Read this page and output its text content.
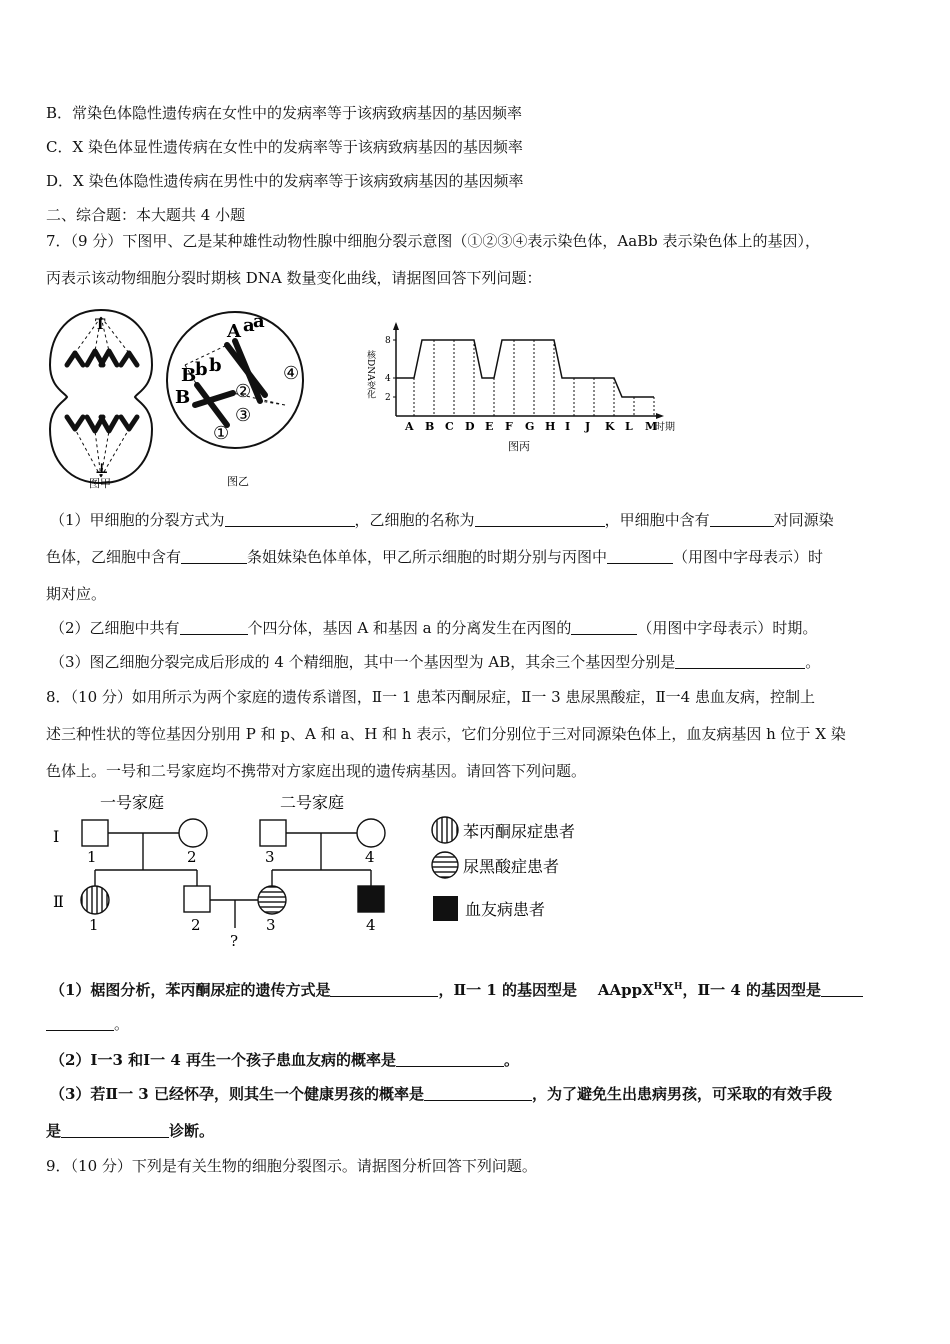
B．常染色体隐性遗传病在女性中的发病率等于该病致病基因的基因频率
C．X 染色体显性遗传病在女性中的发病率等于该病致病基因的基因频率
D．X 染色体隐性遗传病在男性中的发病率等于该病致病基因的基因频率
二、综合题：本大题共 4 小题
7．（9 分）下图甲、乙是某种雄性动物性腺中细胞分裂示意图（①②③④表示染色体，AaBb 表示染色体上的基因），
丙表示该动物细胞分裂时期核 DNA 数量变化曲线，请据图回答下列问题：
T
⊥
图甲
A a
a
B
b b
B
①
②
③
④
图乙
核DNA变化
时期
2
4
8
A B C D E F G H I J K L M
图丙
（1）甲细胞的分裂方式为	，乙细胞的名称为	，甲细胞中含有	对同源染
色体，乙细胞中含有	条姐妹染色体单体，甲乙所示细胞的时期分别与丙图中	（用图中字母表示）时
期对应。
（2）乙细胞中共有	个四分体，基因 A 和基因 a 的分离发生在丙图的	（用图中字母表示）时期。
（3）图乙细胞分裂完成后形成的 4 个精细胞，其中一个基因型为 AB，其余三个基因型分别是	。
8．（10 分）如用所示为两个家庭的遗传系谱图，Ⅱ一 1 患苯丙酮尿症，Ⅱ一 3 患尿黑酸症，Ⅱ一4 患血友病，控制上
述三种性状的等位基因分别用 P 和 p、A 和 a、H 和 h 表示，它们分别位于三对同源染色体上，血友病基因 h 位于 X 染
色体上。一号和二号家庭均不携带对方家庭出现的遗传病基因。请回答下列问题。
一号家庭	二号家庭
Ⅰ
Ⅱ
1	2
1	2
3	4
3	4
?
苯丙酮尿症患者
尿黑酸症患者
血友病患者
（1）椐图分析，苯丙酮尿症的遗传方式是	，Ⅱ一 1 的基因型是 $AAppX^HX^H$，Ⅱ一 4 的基因型是
。
（2）Ⅰ一3 和Ⅰ一 4 再生一个孩子患血友病的概率是	。
（3）若Ⅱ一 3 已经怀孕，则其生一个健康男孩的概率是	，为了避免生出患病男孩，可采取的有效手段
是	诊断。
9．（10 分）下列是有关生物的细胞分裂图示。请据图分析回答下列问题。
